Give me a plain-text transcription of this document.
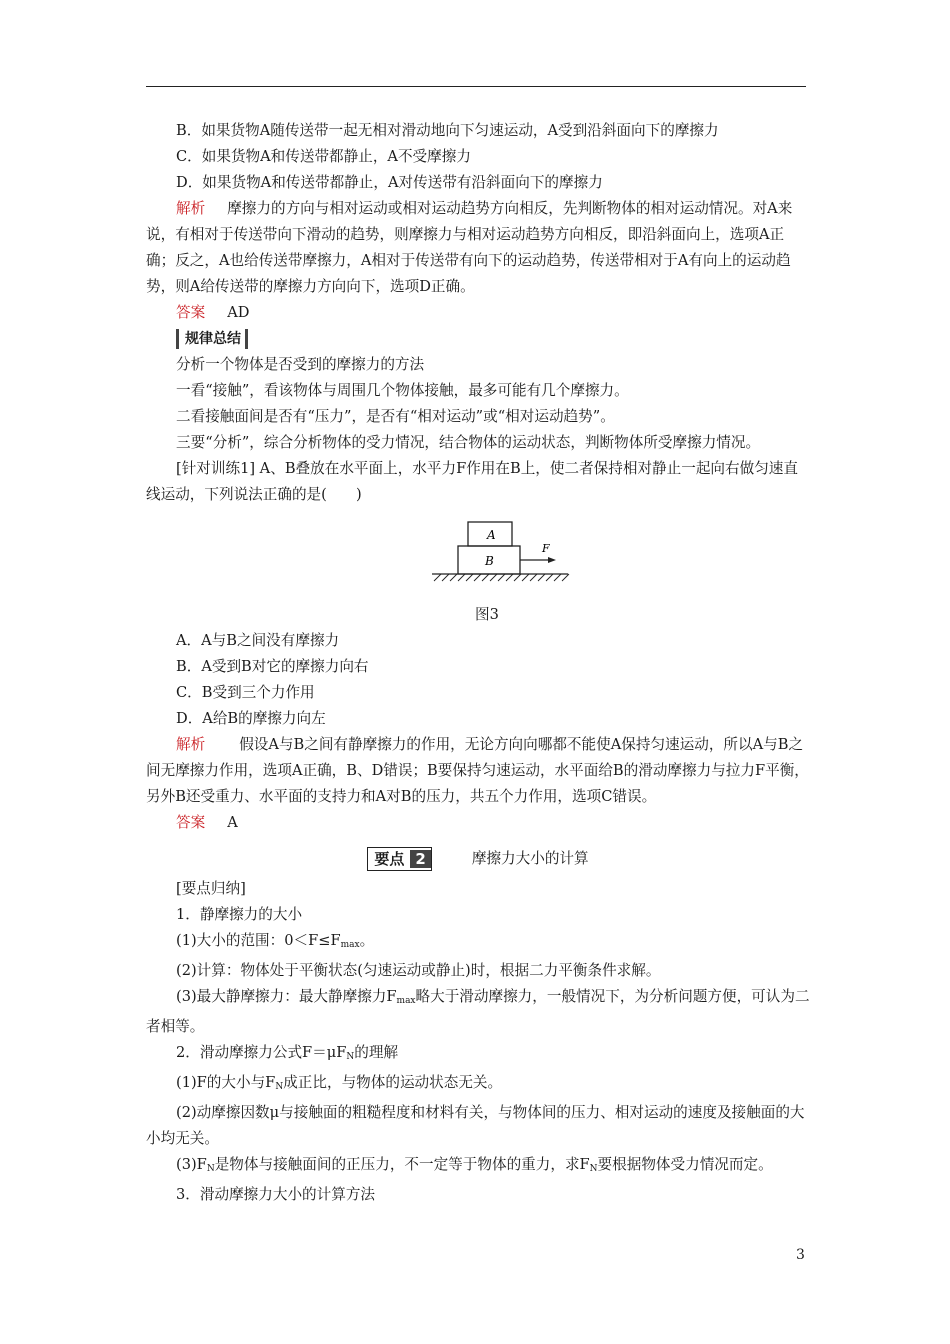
B．如果货物A随传送带一起无相对滑动地向下匀速运动，A受到沿斜面向下的摩擦力

C．如果货物A和传送带都静止，A不受摩擦力

D．如果货物A和传送带都静止，A对传送带有沿斜面向下的摩擦力

解析 摩擦力的方向与相对运动或相对运动趋势方向相反，先判断物体的相对运动情况。对A来说，有相对于传送带向下滑动的趋势，则摩擦力与相对运动趋势方向相反，即沿斜面向上，选项A正确；反之，A也给传送带摩擦力，A相对于传送带有向下的运动趋势，传送带相对于A有向上的运动趋势，则A给传送带的摩擦力方向向下，选项D正确。

答案 AD

规律总结

分析一个物体是否受到的摩擦力的方法

一看“接触”，看该物体与周围几个物体接触，最多可能有几个摩擦力。

二看接触面间是否有“压力”，是否有“相对运动”或“相对运动趋势”。

三要“分析”，综合分析物体的受力情况，结合物体的运动状态，判断物体所受摩擦力情况。

[针对训练1] A、B叠放在水平面上，水平力F作用在B上，使二者保持相对静止一起向右做匀速直线运动，下列说法正确的是(　　)

A
B
F

图3

A．A与B之间没有摩擦力

B．A受到B对它的摩擦力向右

C．B受到三个力作用

D．A给B的摩擦力向左

解析 假设A与B之间有静摩擦力的作用，无论方向向哪都不能使A保持匀速运动，所以A与B之间无摩擦力作用，选项A正确，B、D错误；B要保持匀速运动，水平面给B的滑动摩擦力与拉力F平衡，另外B还受重力、水平面的支持力和A对B的压力，共五个力作用，选项C错误。

答案 A

要点 2	摩擦力大小的计算

[要点归纳]

1．静摩擦力的大小

(1)大小的范围：$0<F\le F_{max}$。

(2)计算：物体处于平衡状态(匀速运动或静止)时，根据二力平衡条件求解。

(3)最大静摩擦力：最大静摩擦力$F_{max}$略大于滑动摩擦力，一般情况下，为分析问题方便，可认为二者相等。

2．滑动摩擦力公式$F=\mu F_N$的理解

(1)F的大小与$F_N$成正比，与物体的运动状态无关。

(2)动摩擦因数μ与接触面的粗糙程度和材料有关，与物体间的压力、相对运动的速度及接触面的大小均无关。

$(3)F_N$是物体与接触面间的正压力，不一定等于物体的重力，求$F_N$要根据物体受力情况而定。

3．滑动摩擦力大小的计算方法

3
